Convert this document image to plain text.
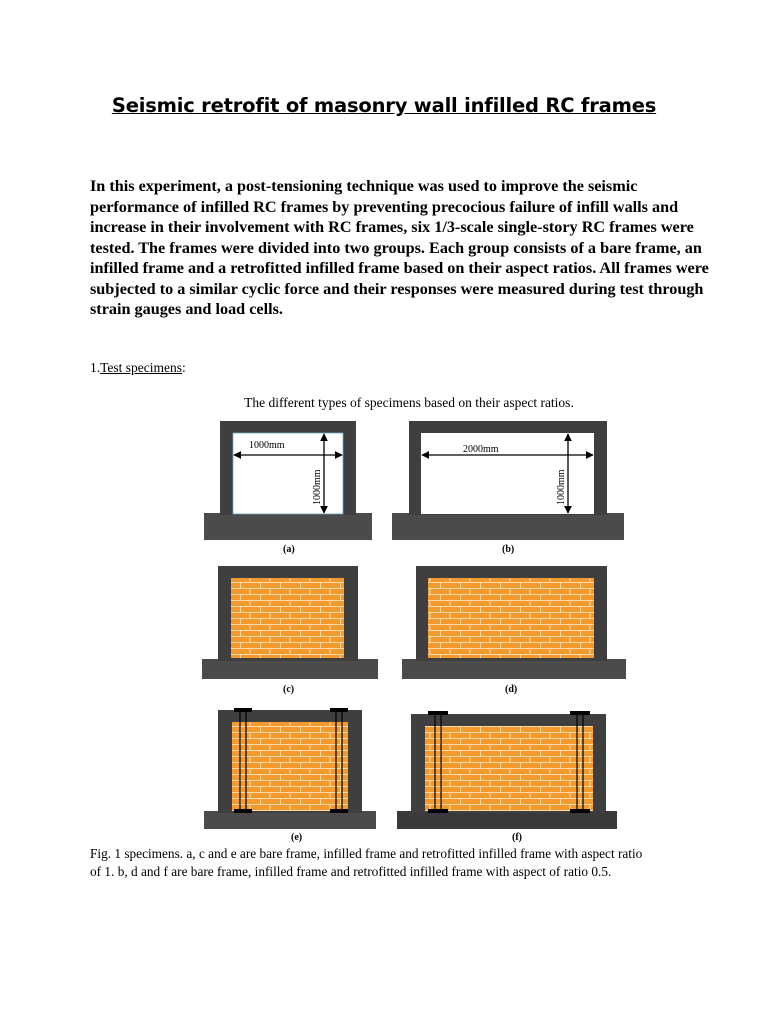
Seismic retrofit of masonry wall infilled RC frames
In this experiment, a post-tensioning technique was used to improve the seismic
performance of infilled RC frames by preventing precocious failure of infill walls and
increase in their involvement with RC frames, six 1/3-scale single-story RC frames were
tested. The frames were divided into two groups. Each group consists of a bare frame, an
infilled frame and a retrofitted infilled frame based on their aspect ratios. All frames were
subjected to a similar cyclic force and their responses were measured during test through
strain gauges and load cells.
1.Test specimens:
The different types of specimens based on their aspect ratios.
1000mm
1000mm
(a)
2000mm
1000mm
(b)
(c)	(d)
(e)	(f)
Fig. 1 specimens. a, c and e are bare frame, infilled frame and retrofitted infilled frame with aspect ratio
of 1. b, d and f are bare frame, infilled frame and retrofitted infilled frame with aspect of ratio 0.5.
